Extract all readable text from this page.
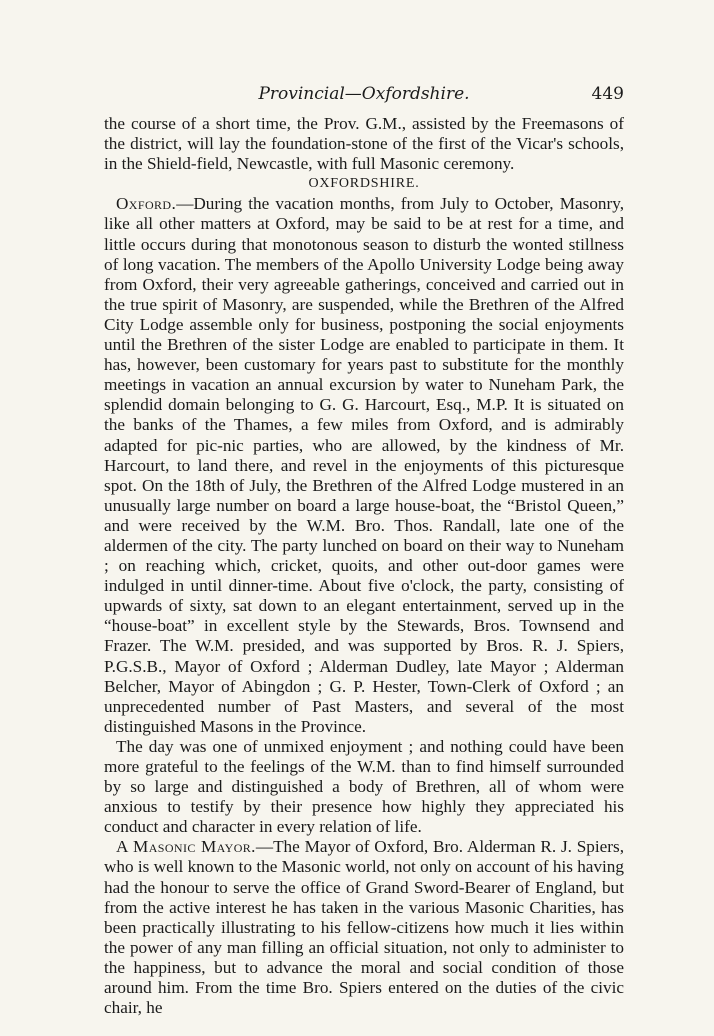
Provincial—Oxfordshire.	449

the course of a short time, the Prov. G.M., assisted by the Freemasons of the district, will lay the foundation-stone of the first of the Vicar's schools, in the Shield-field, Newcastle, with full Masonic ceremony.

OXFORDSHIRE.

Oxford.—During the vacation months, from July to October, Masonry, like all other matters at Oxford, may be said to be at rest for a time, and little occurs during that monotonous season to disturb the wonted stillness of long vacation. The members of the Apollo University Lodge being away from Oxford, their very agreeable gatherings, conceived and carried out in the true spirit of Masonry, are suspended, while the Brethren of the Alfred City Lodge assemble only for business, postponing the social enjoyments until the Brethren of the sister Lodge are enabled to participate in them. It has, however, been customary for years past to substitute for the monthly meetings in vacation an annual excursion by water to Nuneham Park, the splendid domain belonging to G. G. Harcourt, Esq., M.P. It is situated on the banks of the Thames, a few miles from Oxford, and is admirably adapted for pic-nic parties, who are allowed, by the kindness of Mr. Harcourt, to land there, and revel in the enjoyments of this picturesque spot. On the 18th of July, the Brethren of the Alfred Lodge mustered in an unusually large number on board a large house-boat, the “Bristol Queen,” and were received by the W.M. Bro. Thos. Randall, late one of the aldermen of the city. The party lunched on board on their way to Nuneham ; on reaching which, cricket, quoits, and other out-door games were indulged in until dinner-time. About five o'clock, the party, consisting of upwards of sixty, sat down to an elegant entertainment, served up in the “house-boat” in excellent style by the Stewards, Bros. Townsend and Frazer. The W.M. presided, and was supported by Bros. R. J. Spiers, P.G.S.B., Mayor of Oxford ; Alderman Dudley, late Mayor ; Alderman Belcher, Mayor of Abingdon ; G. P. Hester, Town-Clerk of Oxford ; an unprecedented number of Past Masters, and several of the most distinguished Masons in the Province.

The day was one of unmixed enjoyment ; and nothing could have been more grateful to the feelings of the W.M. than to find himself surrounded by so large and distinguished a body of Brethren, all of whom were anxious to testify by their presence how highly they appreciated his conduct and character in every relation of life.

A Masonic Mayor.—The Mayor of Oxford, Bro. Alderman R. J. Spiers, who is well known to the Masonic world, not only on account of his having had the honour to serve the office of Grand Sword-Bearer of England, but from the active interest he has taken in the various Masonic Charities, has been practically illustrating to his fellow-citizens how much it lies within the power of any man filling an official situation, not only to administer to the happiness, but to advance the moral and social condition of those around him. From the time Bro. Spiers entered on the duties of the civic chair, he
